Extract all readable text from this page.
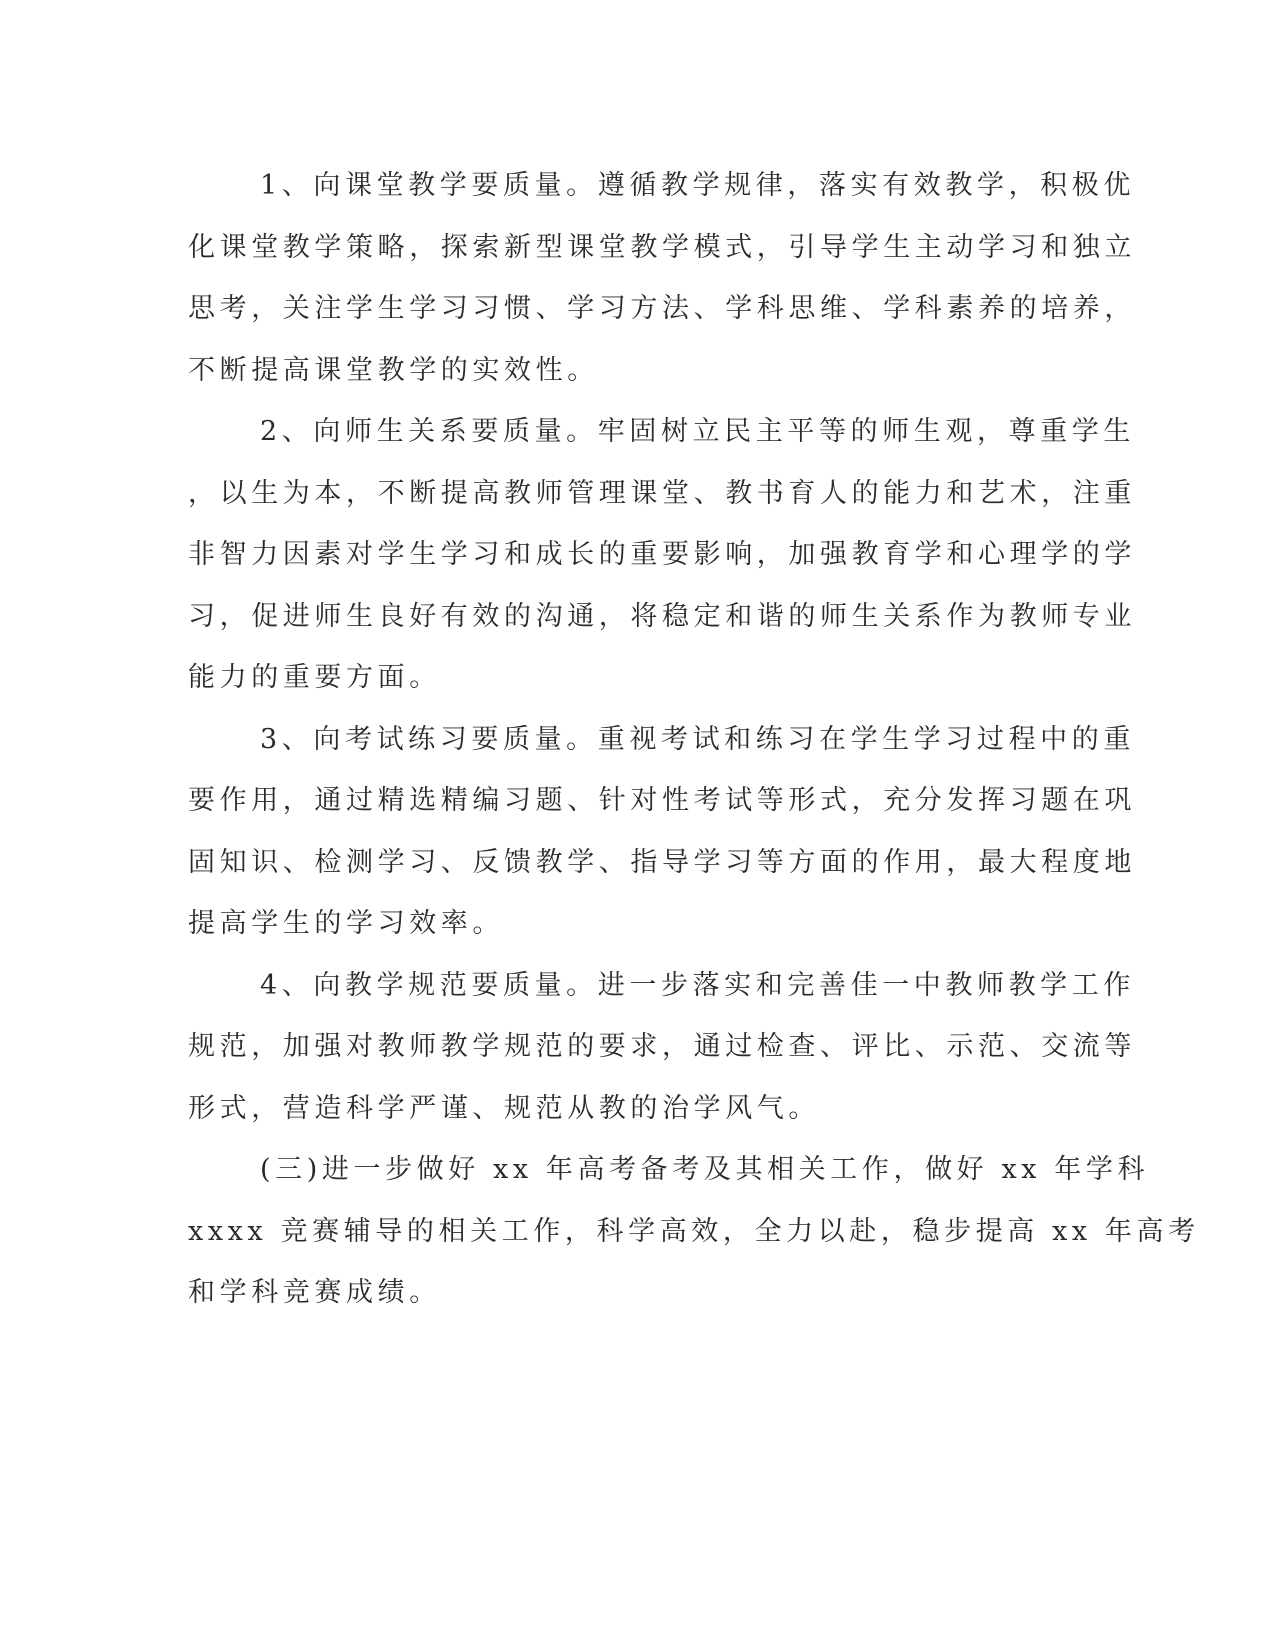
1、向课堂教学要质量。遵循教学规律，落实有效教学，积极优
化课堂教学策略，探索新型课堂教学模式，引导学生主动学习和独立
思考，关注学生学习习惯、学习方法、学科思维、学科素养的培养，
不断提高课堂教学的实效性。
2、向师生关系要质量。牢固树立民主平等的师生观，尊重学生
，以生为本，不断提高教师管理课堂、教书育人的能力和艺术，注重
非智力因素对学生学习和成长的重要影响，加强教育学和心理学的学
习，促进师生良好有效的沟通，将稳定和谐的师生关系作为教师专业
能力的重要方面。
3、向考试练习要质量。重视考试和练习在学生学习过程中的重
要作用，通过精选精编习题、针对性考试等形式，充分发挥习题在巩
固知识、检测学习、反馈教学、指导学习等方面的作用，最大程度地
提高学生的学习效率。
4、向教学规范要质量。进一步落实和完善佳一中教师教学工作
规范，加强对教师教学规范的要求，通过检查、评比、示范、交流等
形式，营造科学严谨、规范从教的治学风气。
(三)进一步做好 xx 年高考备考及其相关工作，做好 xx 年学科
xxxx 竞赛辅导的相关工作，科学高效，全力以赴，稳步提高 xx 年高考
和学科竞赛成绩。
